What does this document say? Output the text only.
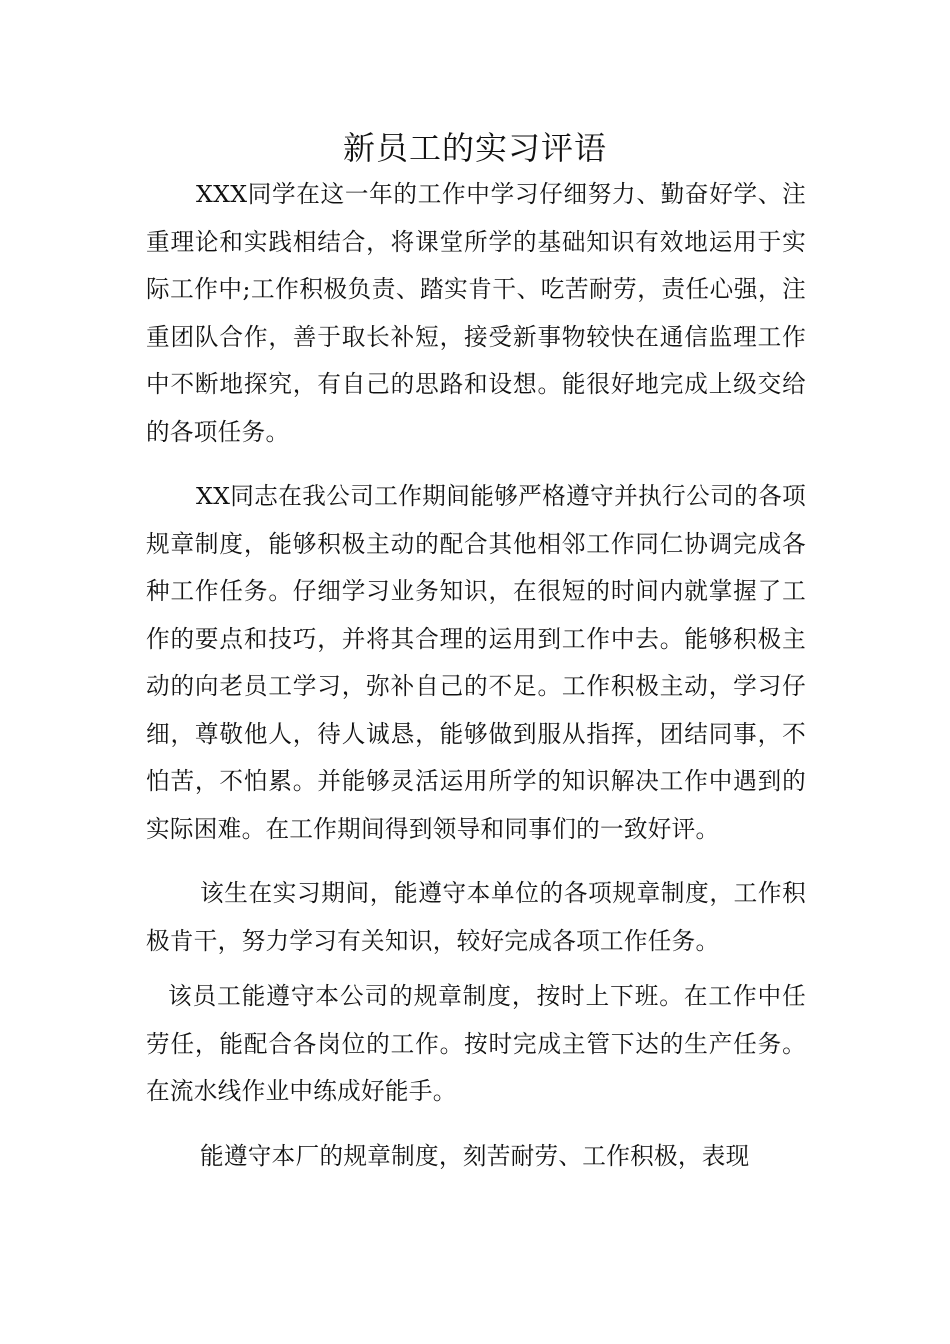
新员工的实习评语

XXX同学在这一年的工作中学习仔细努力、勤奋好学、注重理论和实践相结合，将课堂所学的基础知识有效地运用于实际工作中;工作积极负责、踏实肯干、吃苦耐劳，责任心强，注重团队合作，善于取长补短，接受新事物较快在通信监理工作中不断地探究，有自己的思路和设想。能很好地完成上级交给的各项任务。

XX同志在我公司工作期间能够严格遵守并执行公司的各项规章制度，能够积极主动的配合其他相邻工作同仁协调完成各种工作任务。仔细学习业务知识，在很短的时间内就掌握了工作的要点和技巧，并将其合理的运用到工作中去。能够积极主动的向老员工学习，弥补自己的不足。工作积极主动，学习仔细，尊敬他人，待人诚恳，能够做到服从指挥，团结同事，不怕苦，不怕累。并能够灵活运用所学的知识解决工作中遇到的实际困难。在工作期间得到领导和同事们的一致好评。

该生在实习期间，能遵守本单位的各项规章制度，工作积极肯干，努力学习有关知识，较好完成各项工作任务。

该员工能遵守本公司的规章制度，按时上下班。在工作中任劳任，能配合各岗位的工作。按时完成主管下达的生产任务。在流水线作业中练成好能手。

能遵守本厂的规章制度，刻苦耐劳、工作积极，表现
